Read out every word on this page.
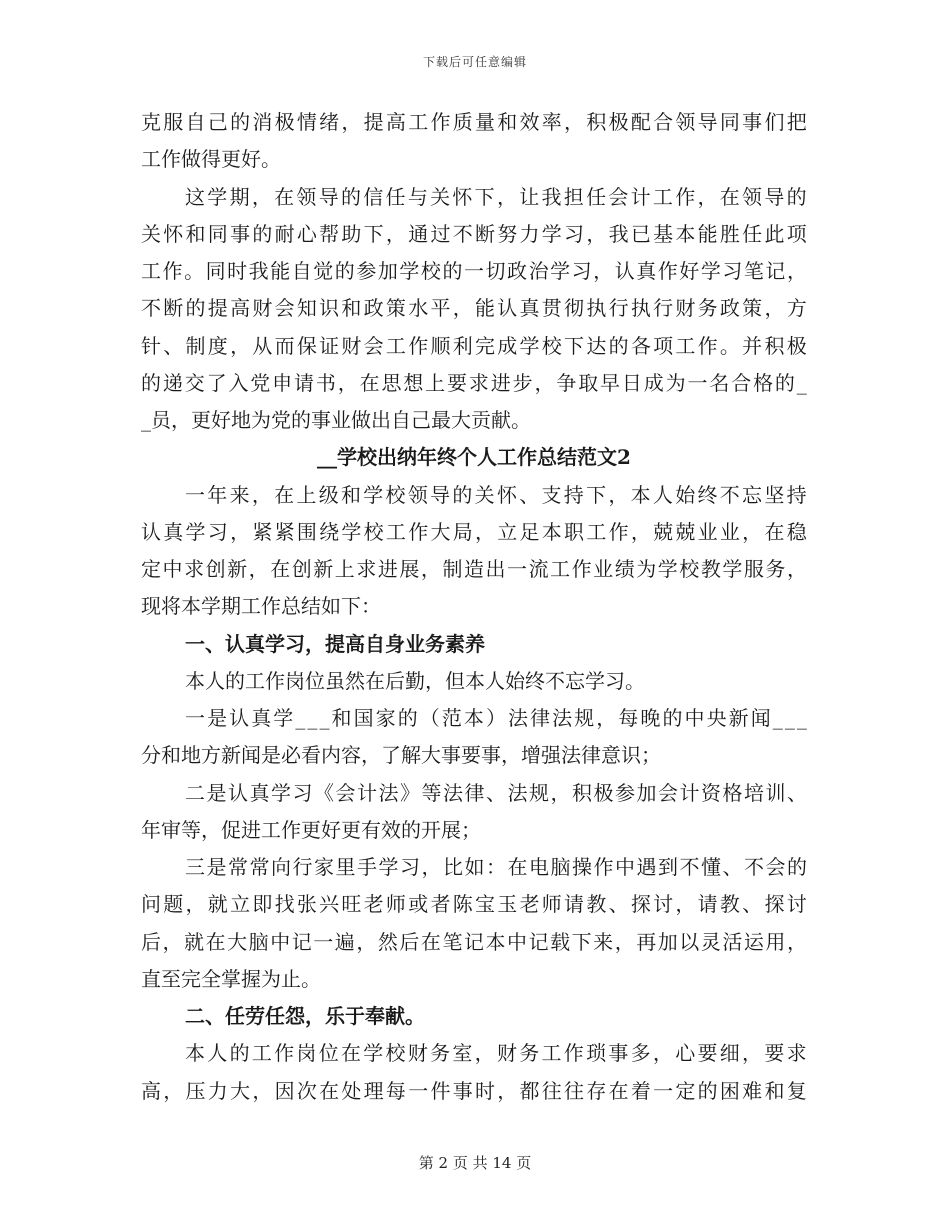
下载后可任意编辑
克 服 自 己 的 消 极 情 绪 ， 提 高 工 作 质 量 和 效 率 ， 积 极 配 合 领 导 同 事 们 把
工作做得更好。
这 学 期 ， 在 领 导 的 信 任 与 关 怀 下 ， 让 我 担 任 会 计 工 作 ， 在 领 导 的
关 怀 和 同 事 的 耐 心 帮 助 下 ， 通 过 不 断 努 力 学 习 ， 我 已 基 本 能 胜 任 此 项
工 作 。 同 时 我 能 自 觉 的 参 加 学 校 的 一 切 政 治 学 习 ， 认 真 作 好 学 习 笔 记 ，
不 断 的 提 高 财 会 知 识 和 政 策 水 平 ， 能 认 真 贯 彻 执 行 执 行 财 务 政 策 ， 方
针 、 制 度 ， 从 而 保 证 财 会 工 作 顺 利 完 成 学 校 下 达 的 各 项 工 作 。 并 积 极
的 递 交 了 入 党 申 请 书 ， 在 思 想 上 要 求 进 步 ， 争 取 早 日 成 为 一 名 合 格 的 _
_员，更好地为党的事业做出自己最大贡献。
__学校出纳年终个人工作总结范文2
一 年 来 ， 在 上 级 和 学 校 领 导 的 关 怀 、 支 持 下 ， 本 人 始 终 不 忘 坚 持
认 真 学 习 ， 紧 紧 围 绕 学 校 工 作 大 局 ， 立 足 本 职 工 作 ， 兢 兢 业 业 ， 在 稳
定 中 求 创 新 ， 在 创 新 上 求 进 展 ， 制 造 出 一 流 工 作 业 绩 为 学 校 教 学 服 务 ，
现将本学期工作总结如下：
一、认真学习，提高自身业务素养
本人的工作岗位虽然在后勤，但本人始终不忘学习。
一 是 认 真 学 _ _ _ 和 国 家 的 （ 范 本 ） 法 律 法 规 ， 每 晚 的 中 央 新 闻 _ _ _
分和地方新闻是必看内容，了解大事要事，增强法律意识；
二 是 认 真 学 习 《 会 计 法 》 等 法 律 、 法 规 ， 积 极 参 加 会 计 资 格 培 训 、
年审等，促进工作更好更有效的开展；
三 是 常 常 向 行 家 里 手 学 习 ， 比 如 ： 在 电 脑 操 作 中 遇 到 不 懂 、 不 会 的
问 题 ， 就 立 即 找 张 兴 旺 老 师 或 者 陈 宝 玉 老 师 请 教 、 探 讨 ， 请 教 、 探 讨
后 ， 就 在 大 脑 中 记 一 遍 ， 然 后 在 笔 记 本 中 记 载 下 来 ， 再 加 以 灵 活 运 用 ，
直至完全掌握为止。
二、任劳任怨，乐于奉献。
本 人 的 工 作 岗 位 在 学 校 财 务 室 ， 财 务 工 作 琐 事 多 ， 心 要 细 ， 要 求
高 ， 压 力 大 ， 因 次 在 处 理 每 一 件 事 时 ， 都 往 往 存 在 着 一 定 的 困 难 和 复
第 2 页 共 14 页
